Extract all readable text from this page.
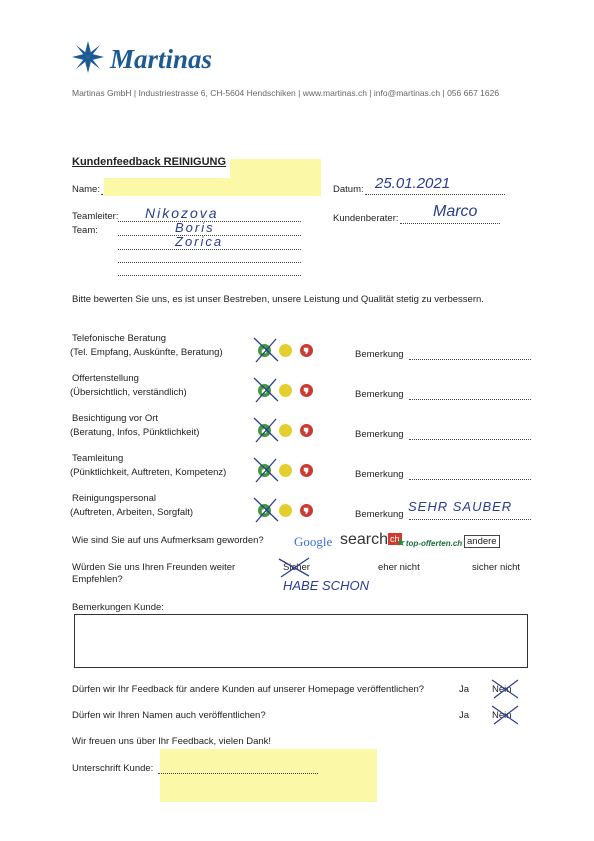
Martinas
Martinas GmbH | Industriestrasse 6, CH-5604 Hendschiken | www.martinas.ch | info@martinas.ch | 056 667 1626
Kundenfeedback REINIGUNG
Name:	Datum: 25.01.2021
Teamleiter: Nikozova	Kundenberater: Marco
Team:	Boris
Zorica
Bitte bewerten Sie uns, es ist unser Bestreben, unsere Leistung und Qualität stetig zu verbessern.
Telefonische Beratung
(Tel. Empfang, Auskünfte, Beratung)	Bemerkung
Offertenstellung
(Übersichtlich, verständlich)	Bemerkung
Besichtigung vor Ort
(Beratung, Infos, Pünktlichkeit)	Bemerkung
Teamleitung
(Pünktlichkeit, Auftreten, Kompetenz)	Bemerkung
Reinigungspersonal
(Auftreten, Arbeiten, Sorgfalt)	Bemerkung
SEHR SAUBER
Wie sind Sie auf uns Aufmerksam geworden? Google search ch
★top-offerten.ch andere
Würden Sie uns Ihren Freunden weiter
Empfehlen?
Sicher	eher nicht	sicher nicht
HABE SCHON
Bemerkungen Kunde:
Dürfen wir Ihr Feedback für andere Kunden auf unserer Homepage veröffentlichen?	Ja Nein
Dürfen wir Ihren Namen auch veröffentlichen?	Ja Nein
Wir freuen uns über Ihr Feedback, vielen Dank!
Unterschrift Kunde:
